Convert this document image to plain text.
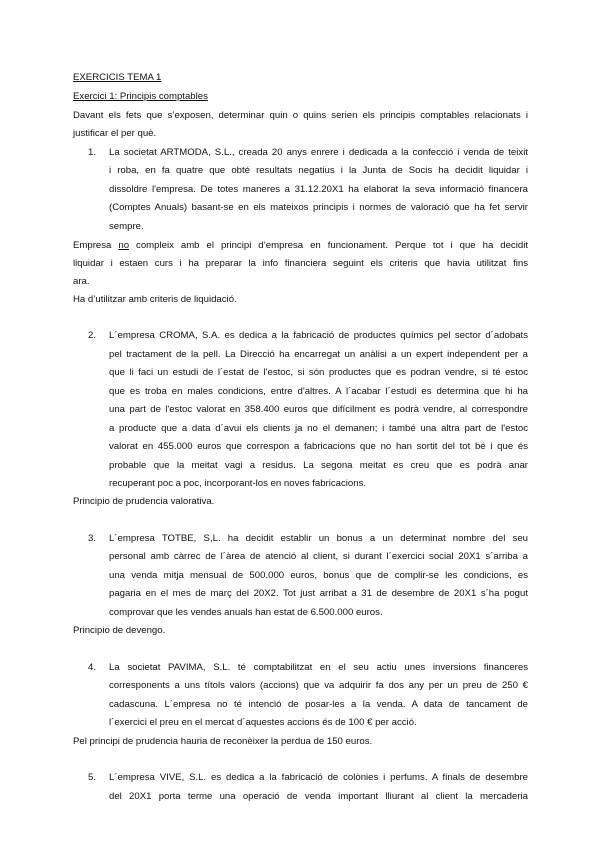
EXERCICIS TEMA 1
Exercici 1: Principis comptables
Davant els fets que s’exposen, determinar quin o quins serien els principis comptables relacionats i
justificar el per què.
1.	La societat ARTMODA, S.L., creada 20 anys enrere i dedicada a la confecció i venda de teixit
i roba, en fa quatre que obté resultats negatius i la Junta de Socis ha decidit liquidar i
dissoldre l'empresa. De totes maneres a 31.12.20X1 ha elaborat la seva informació financera
(Comptes Anuals) basant-se en els mateixos principis i normes de valoració que ha fet servir
sempre.
Empresa no compleix amb el principi d’empresa en funcionament. Perque tot i que ha decidit
liquidar i estaen curs i ha preparar la info financiera seguint els criteris que havia utilitzat fins
ara.
Ha d’utilitzar amb criteris de liquidació.
2.	L´empresa CROMA, S.A. es dedica a la fabricació de productes químics pel sector d´adobats
pel tractament de la pell. La Direcció ha encarregat un anàlisi a un expert independent per a
que li faci un estudi de l´estat de l'estoc, si són productes que es podran vendre, si té estoc
que es troba en males condicions, entre d'altres. A l´acabar l´estudi es determina que hi ha
una part de l'estoc valorat en 358.400 euros que difícilment es podrà vendre, al correspondre
a producte que a data d´avui els clients ja no el demanen; i també una altra part de l'estoc
valorat en 455.000 euros que correspon a fabricacions que no han sortit del tot bé i que és
probable que la meitat vagi a residus. La segona meitat es creu que es podrà anar
recuperant poc a poc, incorporant-los en noves fabricacions.
Principio de prudencia valorativa.
3.	L´empresa TOTBE, S,L. ha decidit establir un bonus a un determinat nombre del seu
personal amb càrrec de l´àrea de atenció al client, si durant l´exercici social 20X1 s´arriba a
una venda mitja mensual de 500.000 euros, bonus que de complir-se les condicions, es
pagaria en el mes de març del 20X2. Tot just arribat a 31 de desembre de 20X1 s´ha pogut
comprovar que les vendes anuals han estat de 6.500.000 euros.
Principio de devengo.
4.	La societat PAVIMA, S.L. té comptabilitzat en el seu actiu unes inversions financeres
corresponents a uns títols valors (accions) que va adquirir fa dos any per un preu de 250 €
cadascuna. L´empresa no té intenció de posar-les a la venda. A data de tancament de
l´exercici el preu en el mercat d´aquestes accions és de 100 € per acció.
Pel principi de prudencia hauria de reconèixer la perdua de 150 euros.
5.	L´empresa VIVE, S.L. es dedica a la fabricació de colònies i perfums. A finals de desembre
del 20X1 porta terme una operació de venda important lliurant al client la mercaderia
